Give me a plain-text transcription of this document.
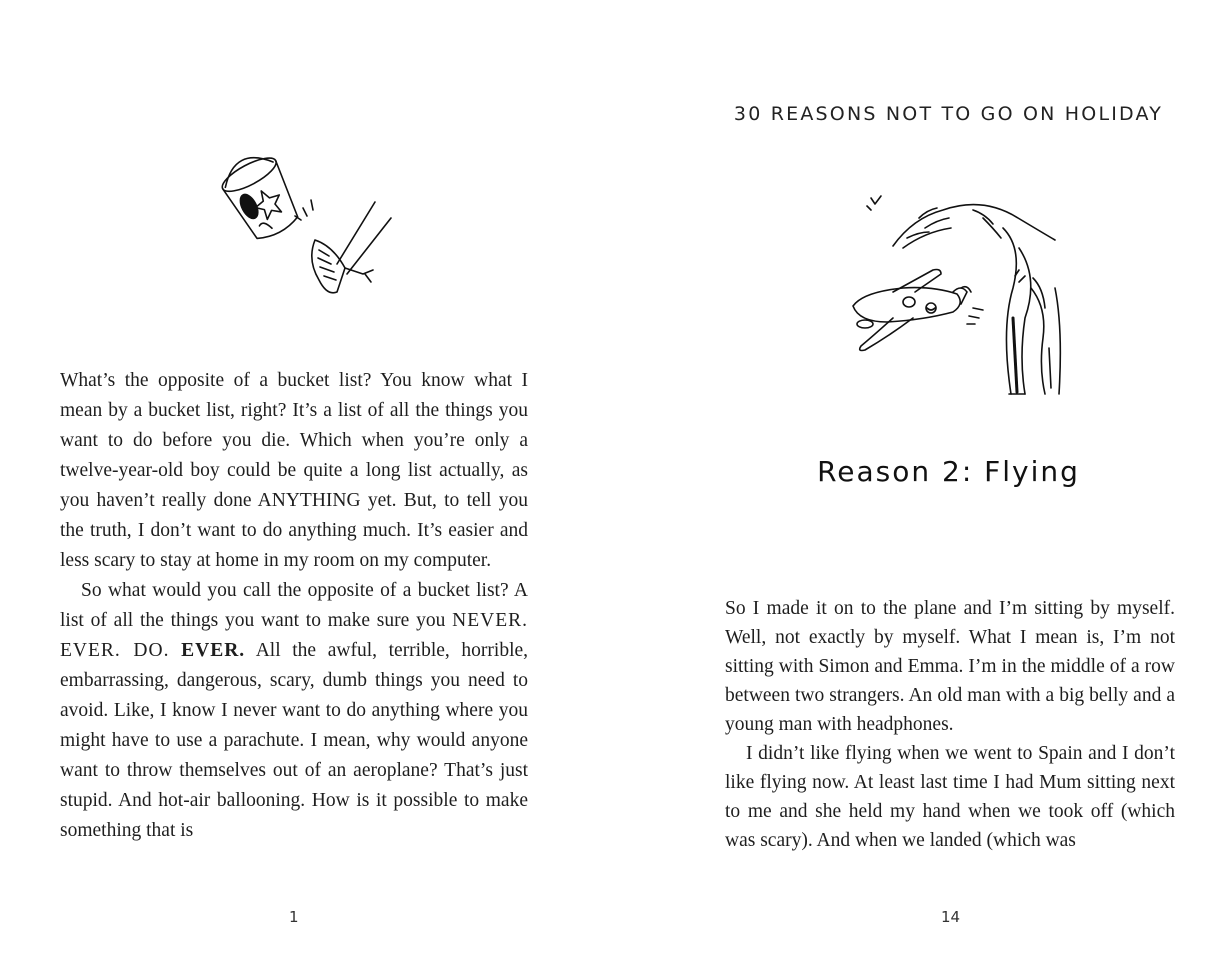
What’s the opposite of a bucket list? You know what I mean by a bucket list, right? It’s a list of all the things you want to do before you die. Which when you’re only a twelve-year-old boy could be quite a long list actually, as you haven’t really done ANYTHING yet. But, to tell you the truth, I don’t want to do anything much. It’s easier and less scary to stay at home in my room on my computer.

So what would you call the opposite of a bucket list? A list of all the things you want to make sure you NEVER. EVER. DO. EVER. All the awful, terrible, horrible, embarrassing, dangerous, scary, dumb things you need to avoid. Like, I know I never want to do anything where you might have to use a parachute. I mean, why would anyone want to throw themselves out of an aeroplane? That’s just stupid. And hot-air ballooning. How is it possible to make something that is

1
30 REASONS NOT TO GO ON HOLIDAY
Reason 2: Flying

So I made it on to the plane and I’m sitting by myself. Well, not exactly by myself. What I mean is, I’m not sitting with Simon and Emma. I’m in the middle of a row between two strangers. An old man with a big belly and a young man with headphones.

I didn’t like flying when we went to Spain and I don’t like flying now. At least last time I had Mum sitting next to me and she held my hand when we took off (which was scary). And when we landed (which was

14
